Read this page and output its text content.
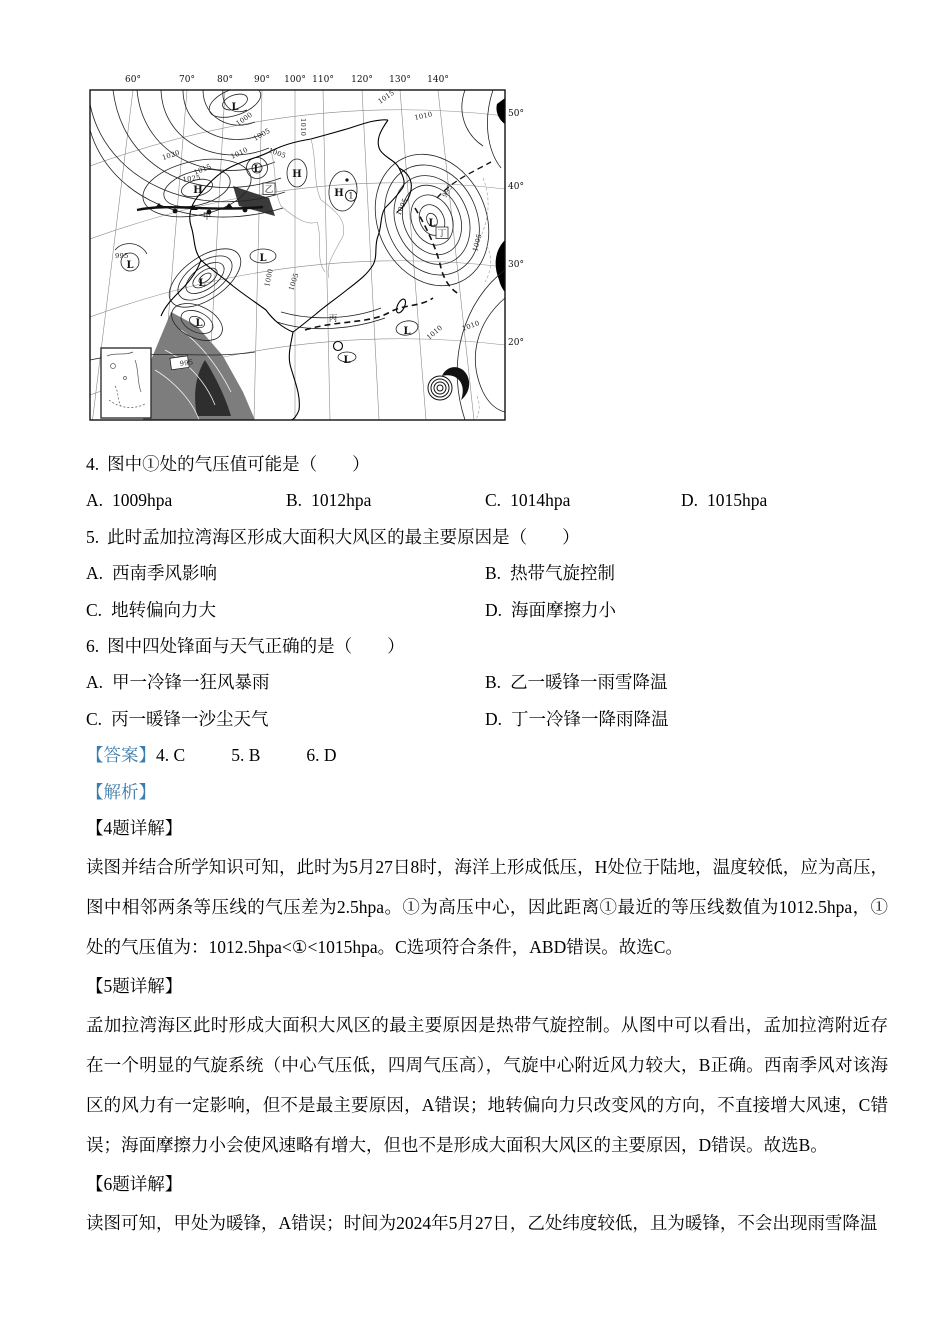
60°	70° 80° 90° 100° 110° 120° 130° 140°
50°
40°
30°
20°
L
H
L	H
H
L
L
L
L
L
L
L
甲
乙
丙
丁
1
1000
1005
1010
1015
1020
1025
1005
1010
1015
1010
995
1005
1005
995
995
1000 1005
1010
1010
4. 图中①处的气压值可能是（　　）
A. 1009hpa	B. 1012hpa	C. 1014hpa	D. 1015hpa
5. 此时孟加拉湾海区形成大面积大风区的最主要原因是（　　）
A. 西南季风影响	B. 热带气旋控制
C. 地转偏向力大	D. 海面摩擦力小
6. 图中四处锋面与天气正确的是（　　）
A. 甲一冷锋一狂风暴雨	B. 乙一暖锋一雨雪降温
C. 丙一暖锋一沙尘天气	D. 丁一冷锋一降雨降温
【答案】4. C	5. B	6. D
【解析】
【4题详解】
读图并结合所学知识可知，此时为5月27日8时，海洋上形成低压，H处位于陆地，温度较低，应为高压，图中相邻两条等压线的气压差为2.5hpa。①为高压中心，因此距离①最近的等压线数值为1012.5hpa，①处的气压值为：1012.5hpa<①<1015hpa。C选项符合条件，ABD错误。故选C。
【5题详解】
孟加拉湾海区此时形成大面积大风区的最主要原因是热带气旋控制。从图中可以看出，孟加拉湾附近存在一个明显的气旋系统（中心气压低，四周气压高），气旋中心附近风力较大，B正确。西南季风对该海区的风力有一定影响，但不是最主要原因，A错误；地转偏向力只改变风的方向，不直接增大风速，C错误；海面摩擦力小会使风速略有增大，但也不是形成大面积大风区的主要原因，D错误。故选B。
【6题详解】
读图可知，甲处为暖锋，A错误；时间为2024年5月27日，乙处纬度较低，且为暖锋，不会出现雨雪降温
